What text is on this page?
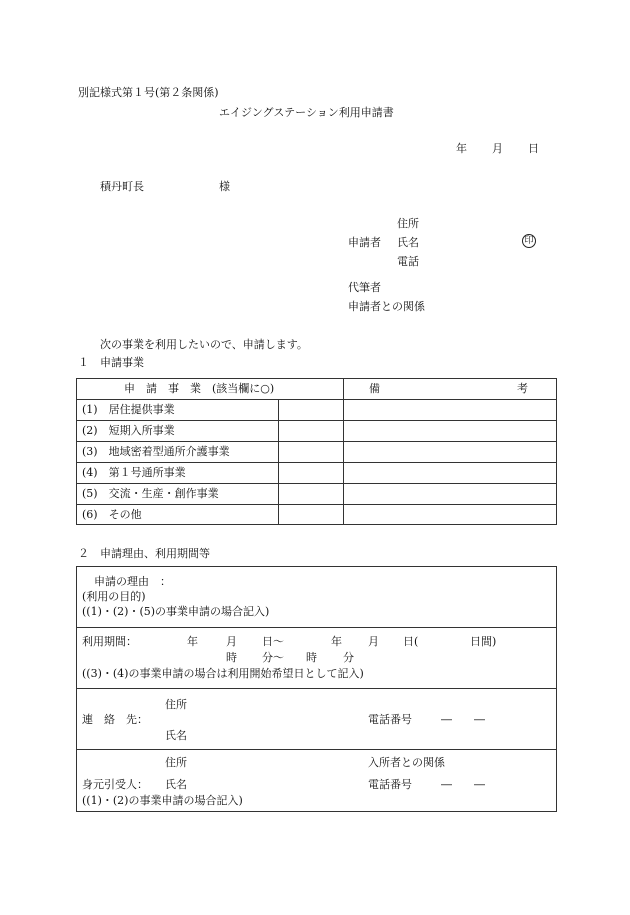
別記様式第１号(第２条関係)
エイジングステーション利用申請書
年 月 日
積丹町長	様
住所
申請者 氏名	印
電話
代筆者
申請者との関係
次の事業を利用したいので、申請します。
１　申請事業
申　請　事　業　(該当欄に○)	備	考
(1)　居住提供事業
(2)　短期入所事業
(3)　地域密着型通所介護事業
(4)　第１号通所事業
(5)　交流・生産・創作事業
(6)　その他
２　申請理由、利用期間等
申請の理由　：
(利用の目的)
((1)・(2)・(5)の事業申請の場合記入)
利用期間：	年	月 日～	年 月 日(	日間)
時 分～ 時 分
((3)・(4)の事業申請の場合は利用開始希望日として記入)
住所
連　絡　先：	電話番号	― ―
氏名
住所	入所者との関係
身元引受人： 氏名	電話番号	― ―
((1)・(2)の事業申請の場合記入)
